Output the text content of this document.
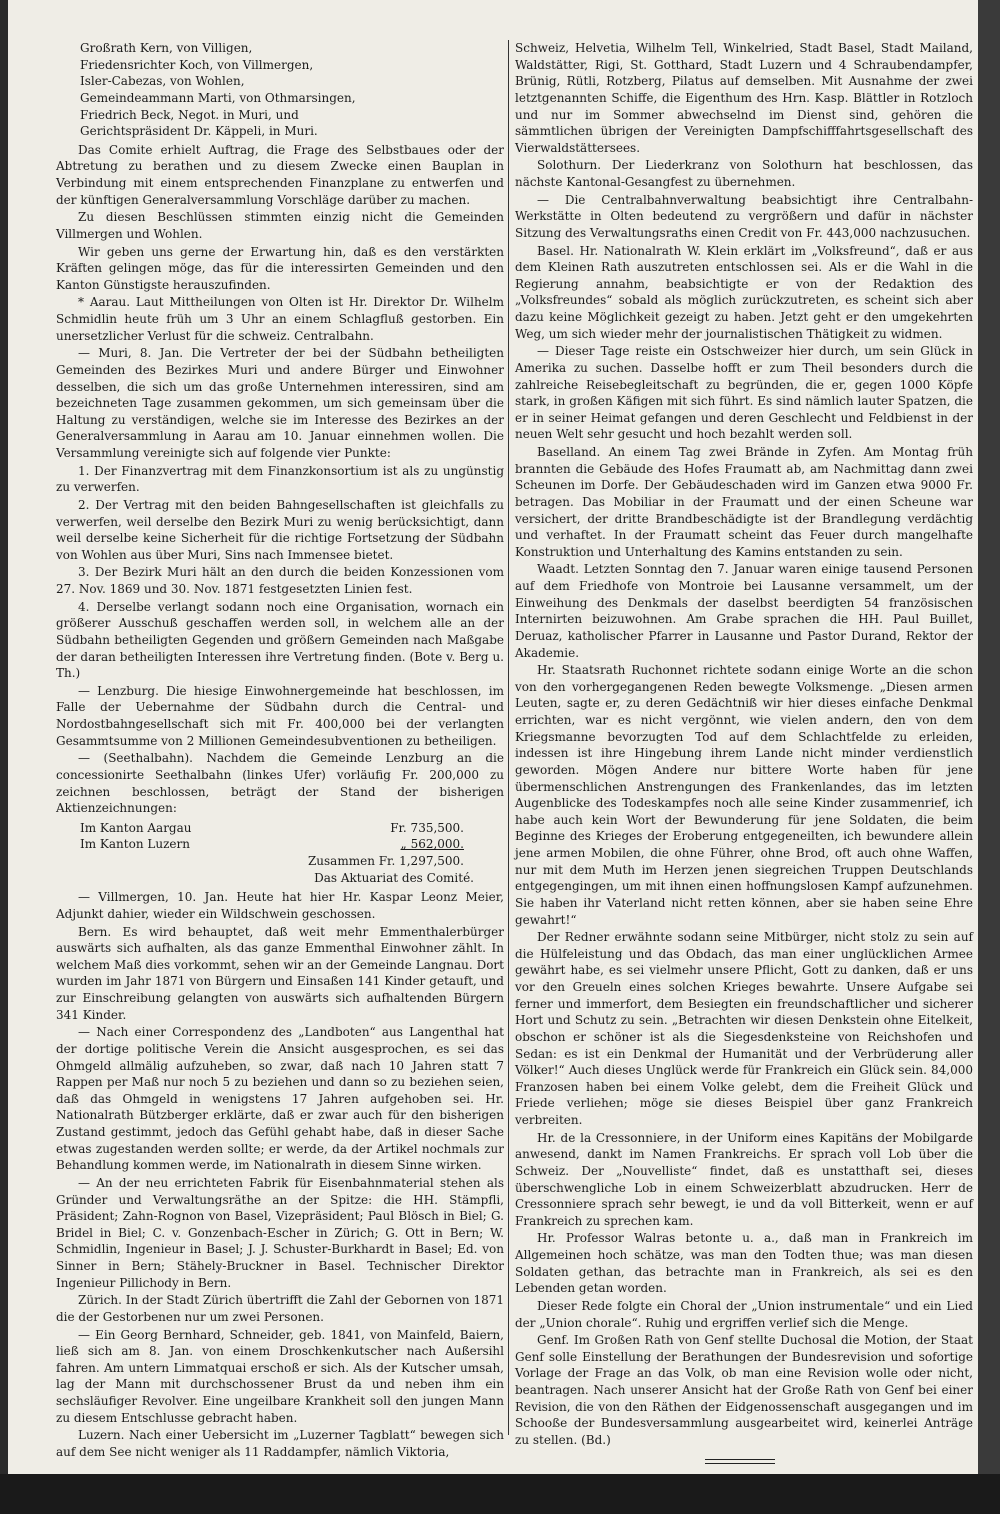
Großrath Kern, von Villigen,
Friedensrichter Koch, von Villmergen,
Isler-Cabezas, von Wohlen,
Gemeindeammann Marti, von Othmarsingen,
Friedrich Beck, Negot. in Muri, und
Gerichtspräsident Dr. Käppeli, in Muri.

Das Comite erhielt Auftrag, die Frage des Selbstbaues oder der Abtretung zu berathen und zu diesem Zwecke einen Bauplan in Verbindung mit einem entsprechenden Finanzplane zu entwerfen und der künftigen Generalversammlung Vorschläge darüber zu machen.

Zu diesen Beschlüssen stimmten einzig nicht die Gemeinden Villmergen und Wohlen.

Wir geben uns gerne der Erwartung hin, daß es den verstärkten Kräften gelingen möge, das für die interessirten Gemeinden und den Kanton Günstigste herauszufinden.

* Aarau. Laut Mittheilungen von Olten ist Hr. Direktor Dr. Wilhelm Schmidlin heute früh um 3 Uhr an einem Schlagfluß gestorben. Ein unersetzlicher Verlust für die schweiz. Centralbahn.

— Muri, 8. Jan. Die Vertreter der bei der Südbahn betheiligten Gemeinden des Bezirkes Muri und andere Bürger und Einwohner desselben, die sich um das große Unternehmen interessiren, sind am bezeichneten Tage zusammen gekommen, um sich gemeinsam über die Haltung zu verständigen, welche sie im Interesse des Bezirkes an der Generalversammlung in Aarau am 10. Januar einnehmen wollen. Die Versammlung vereinigte sich auf folgende vier Punkte:

1. Der Finanzvertrag mit dem Finanzkonsortium ist als zu ungünstig zu verwerfen.

2. Der Vertrag mit den beiden Bahngesellschaften ist gleichfalls zu verwerfen, weil derselbe den Bezirk Muri zu wenig berücksichtigt, dann weil derselbe keine Sicherheit für die richtige Fortsetzung der Südbahn von Wohlen aus über Muri, Sins nach Immensee bietet.

3. Der Bezirk Muri hält an den durch die beiden Konzessionen vom 27. Nov. 1869 und 30. Nov. 1871 festgesetzten Linien fest.

4. Derselbe verlangt sodann noch eine Organisation, wornach ein größerer Ausschuß geschaffen werden soll, in welchem alle an der Südbahn betheiligten Gegenden und größern Gemeinden nach Maßgabe der daran betheiligten Interessen ihre Vertretung finden. (Bote v. Berg u. Th.)

— Lenzburg. Die hiesige Einwohnergemeinde hat beschlossen, im Falle der Uebernahme der Südbahn durch die Central- und Nordostbahngesellschaft sich mit Fr. 400,000 bei der verlangten Gesammtsumme von 2 Millionen Gemeindesubventionen zu betheiligen.

— (Seethalbahn). Nachdem die Gemeinde Lenzburg an die concessionirte Seethalbahn (linkes Ufer) vorläufig Fr. 200,000 zu zeichnen beschlossen, beträgt der Stand der bisherigen Aktienzeichnungen:

Im Kanton Aargau	Fr. 735,500.
Im Kanton Luzern	„ 562,000.
Zusammen Fr. 1,297,500.
Das Aktuariat des Comité.

— Villmergen, 10. Jan. Heute hat hier Hr. Kaspar Leonz Meier, Adjunkt dahier, wieder ein Wildschwein geschossen.

Bern. Es wird behauptet, daß weit mehr Emmenthalerbürger auswärts sich aufhalten, als das ganze Emmenthal Einwohner zählt. In welchem Maß dies vorkommt, sehen wir an der Gemeinde Langnau. Dort wurden im Jahr 1871 von Bürgern und Einsaßen 141 Kinder getauft, und zur Einschreibung gelangten von auswärts sich aufhaltenden Bürgern 341 Kinder.

— Nach einer Correspondenz des „Landboten“ aus Langenthal hat der dortige politische Verein die Ansicht ausgesprochen, es sei das Ohmgeld allmälig aufzuheben, so zwar, daß nach 10 Jahren statt 7 Rappen per Maß nur noch 5 zu beziehen und dann so zu beziehen seien, daß das Ohmgeld in wenigstens 17 Jahren aufgehoben sei. Hr. Nationalrath Bützberger erklärte, daß er zwar auch für den bisherigen Zustand gestimmt, jedoch das Gefühl gehabt habe, daß in dieser Sache etwas zugestanden werden sollte; er werde, da der Artikel nochmals zur Behandlung kommen werde, im Nationalrath in diesem Sinne wirken.

— An der neu errichteten Fabrik für Eisenbahnmaterial stehen als Gründer und Verwaltungsräthe an der Spitze: die HH. Stämpfli, Präsident; Zahn-Rognon von Basel, Vizepräsident; Paul Blösch in Biel; G. Bridel in Biel; C. v. Gonzenbach-Escher in Zürich; G. Ott in Bern; W. Schmidlin, Ingenieur in Basel; J. J. Schuster-Burkhardt in Basel; Ed. von Sinner in Bern; Stähely-Bruckner in Basel. Technischer Direktor Ingenieur Pillichody in Bern.

Zürich. In der Stadt Zürich übertrifft die Zahl der Gebornen von 1871 die der Gestorbenen nur um zwei Personen.

— Ein Georg Bernhard, Schneider, geb. 1841, von Mainfeld, Baiern, ließ sich am 8. Jan. von einem Droschkenkutscher nach Außersihl fahren. Am untern Limmatquai erschoß er sich. Als der Kutscher umsah, lag der Mann mit durchschossener Brust da und neben ihm ein sechsläufiger Revolver. Eine ungeilbare Krankheit soll den jungen Mann zu diesem Entschlusse gebracht haben.

Luzern. Nach einer Uebersicht im „Luzerner Tagblatt“ bewegen sich auf dem See nicht weniger als 11 Raddampfer, nämlich Viktoria,

Schweiz, Helvetia, Wilhelm Tell, Winkelried, Stadt Basel, Stadt Mailand, Waldstätter, Rigi, St. Gotthard, Stadt Luzern und 4 Schraubendampfer, Brünig, Rütli, Rotzberg, Pilatus auf demselben. Mit Ausnahme der zwei letztgenannten Schiffe, die Eigenthum des Hrn. Kasp. Blättler in Rotzloch und nur im Sommer abwechselnd im Dienst sind, gehören die sämmtlichen übrigen der Vereinigten Dampfschifffahrtsgesellschaft des Vierwaldstättersees.

Solothurn. Der Liederkranz von Solothurn hat beschlossen, das nächste Kantonal-Gesangfest zu übernehmen.

— Die Centralbahnverwaltung beabsichtigt ihre Centralbahn-Werkstätte in Olten bedeutend zu vergrößern und dafür in nächster Sitzung des Verwaltungsraths einen Credit von Fr. 443,000 nachzusuchen.

Basel. Hr. Nationalrath W. Klein erklärt im „Volksfreund“, daß er aus dem Kleinen Rath auszutreten entschlossen sei. Als er die Wahl in die Regierung annahm, beabsichtigte er von der Redaktion des „Volksfreundes“ sobald als möglich zurückzutreten, es scheint sich aber dazu keine Möglichkeit gezeigt zu haben. Jetzt geht er den umgekehrten Weg, um sich wieder mehr der journalistischen Thätigkeit zu widmen.

— Dieser Tage reiste ein Ostschweizer hier durch, um sein Glück in Amerika zu suchen. Dasselbe hofft er zum Theil besonders durch die zahlreiche Reisebegleitschaft zu begründen, die er, gegen 1000 Köpfe stark, in großen Käfigen mit sich führt. Es sind nämlich lauter Spatzen, die er in seiner Heimat gefangen und deren Geschlecht und Feldbienst in der neuen Welt sehr gesucht und hoch bezahlt werden soll.

Baselland. An einem Tag zwei Brände in Zyfen. Am Montag früh brannten die Gebäude des Hofes Fraumatt ab, am Nachmittag dann zwei Scheunen im Dorfe. Der Gebäudeschaden wird im Ganzen etwa 9000 Fr. betragen. Das Mobiliar in der Fraumatt und der einen Scheune war versichert, der dritte Brandbeschädigte ist der Brandlegung verdächtig und verhaftet. In der Fraumatt scheint das Feuer durch mangelhafte Konstruktion und Unterhaltung des Kamins entstanden zu sein.

Waadt. Letzten Sonntag den 7. Januar waren einige tausend Personen auf dem Friedhofe von Montroie bei Lausanne versammelt, um der Einweihung des Denkmals der daselbst beerdigten 54 französischen Internirten beizuwohnen. Am Grabe sprachen die HH. Paul Buillet, Deruaz, katholischer Pfarrer in Lausanne und Pastor Durand, Rektor der Akademie.

Hr. Staatsrath Ruchonnet richtete sodann einige Worte an die schon von den vorhergegangenen Reden bewegte Volksmenge. „Diesen armen Leuten, sagte er, zu deren Gedächtniß wir hier dieses einfache Denkmal errichten, war es nicht vergönnt, wie vielen andern, den von dem Kriegsmanne bevorzugten Tod auf dem Schlachtfelde zu erleiden, indessen ist ihre Hingebung ihrem Lande nicht minder verdienstlich geworden. Mögen Andere nur bittere Worte haben für jene übermenschlichen Anstrengungen des Frankenlandes, das im letzten Augenblicke des Todeskampfes noch alle seine Kinder zusammenrief, ich habe auch kein Wort der Bewunderung für jene Soldaten, die beim Beginne des Krieges der Eroberung entgegeneilten, ich bewundere allein jene armen Mobilen, die ohne Führer, ohne Brod, oft auch ohne Waffen, nur mit dem Muth im Herzen jenen siegreichen Truppen Deutschlands entgegengingen, um mit ihnen einen hoffnungslosen Kampf aufzunehmen. Sie haben ihr Vaterland nicht retten können, aber sie haben seine Ehre gewahrt!“

Der Redner erwähnte sodann seine Mitbürger, nicht stolz zu sein auf die Hülfeleistung und das Obdach, das man einer unglücklichen Armee gewährt habe, es sei vielmehr unsere Pflicht, Gott zu danken, daß er uns vor den Greueln eines solchen Krieges bewahrte. Unsere Aufgabe sei ferner und immerfort, dem Besiegten ein freundschaftlicher und sicherer Hort und Schutz zu sein. „Betrachten wir diesen Denkstein ohne Eitelkeit, obschon er schöner ist als die Siegesdenksteine von Reichshofen und Sedan: es ist ein Denkmal der Humanität und der Verbrüderung aller Völker!“ Auch dieses Unglück werde für Frankreich ein Glück sein. 84,000 Franzosen haben bei einem Volke gelebt, dem die Freiheit Glück und Friede verliehen; möge sie dieses Beispiel über ganz Frankreich verbreiten.

Hr. de la Cressonniere, in der Uniform eines Kapitäns der Mobilgarde anwesend, dankt im Namen Frankreichs. Er sprach voll Lob über die Schweiz. Der „Nouvelliste“ findet, daß es unstatthaft sei, dieses überschwengliche Lob in einem Schweizerblatt abzudrucken. Herr de Cressonniere sprach sehr bewegt, ie und da voll Bitterkeit, wenn er auf Frankreich zu sprechen kam.

Hr. Professor Walras betonte u. a., daß man in Frankreich im Allgemeinen hoch schätze, was man den Todten thue; was man diesen Soldaten gethan, das betrachte man in Frankreich, als sei es den Lebenden getan worden.

Dieser Rede folgte ein Choral der „Union instrumentale“ und ein Lied der „Union chorale“. Ruhig und ergriffen verlief sich die Menge.

Genf. Im Großen Rath von Genf stellte Duchosal die Motion, der Staat Genf solle Einstellung der Berathungen der Bundesrevision und sofortige Vorlage der Frage an das Volk, ob man eine Revision wolle oder nicht, beantragen. Nach unserer Ansicht hat der Große Rath von Genf bei einer Revision, die von den Räthen der Eidgenossenschaft ausgegangen und im Schooße der Bundesversammlung ausgearbeitet wird, keinerlei Anträge zu stellen. (Bd.)
